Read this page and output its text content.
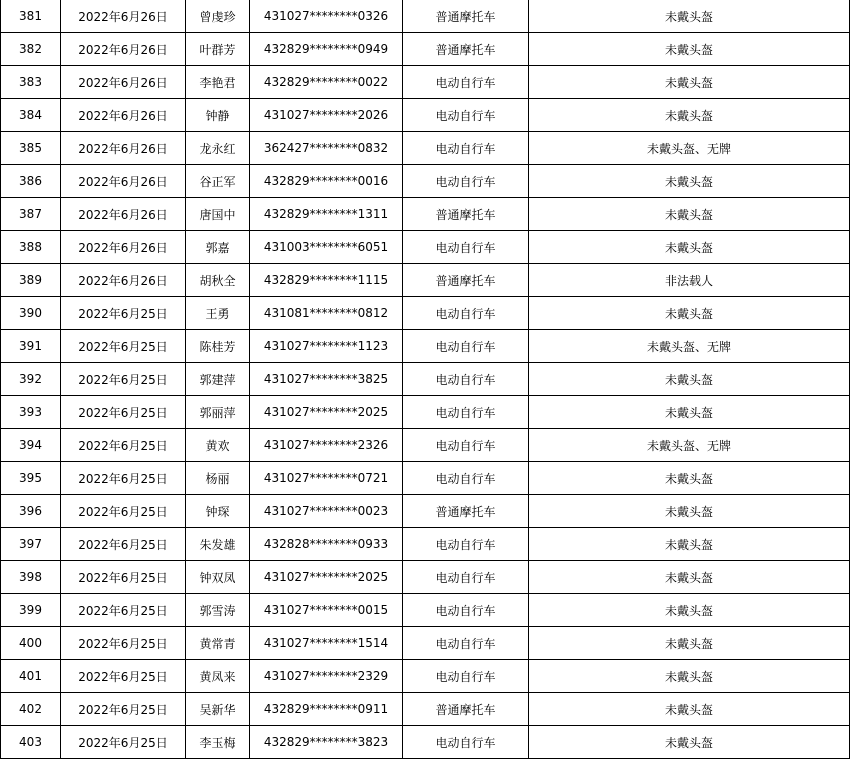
381	2022年6月26日	曾虔珍	431027********0326	普通摩托车	未戴头盔
382	2022年6月26日	叶群芳	432829********0949	普通摩托车	未戴头盔
383	2022年6月26日	李艳君	432829********0022	电动自行车	未戴头盔
384	2022年6月26日	钟静	431027********2026	电动自行车	未戴头盔
385	2022年6月26日	龙永红	362427********0832	电动自行车	未戴头盔、无牌
386	2022年6月26日	谷正军	432829********0016	电动自行车	未戴头盔
387	2022年6月26日	唐国中	432829********1311	普通摩托车	未戴头盔
388	2022年6月26日	郭嘉	431003********6051	电动自行车	未戴头盔
389	2022年6月26日	胡秋全	432829********1115	普通摩托车	非法载人
390	2022年6月25日	王勇	431081********0812	电动自行车	未戴头盔
391	2022年6月25日	陈桂芳	431027********1123	电动自行车	未戴头盔、无牌
392	2022年6月25日	郭建萍	431027********3825	电动自行车	未戴头盔
393	2022年6月25日	郭丽萍	431027********2025	电动自行车	未戴头盔
394	2022年6月25日	黄欢	431027********2326	电动自行车	未戴头盔、无牌
395	2022年6月25日	杨丽	431027********0721	电动自行车	未戴头盔
396	2022年6月25日	钟琛	431027********0023	普通摩托车	未戴头盔
397	2022年6月25日	朱发雄	432828********0933	电动自行车	未戴头盔
398	2022年6月25日	钟双凤	431027********2025	电动自行车	未戴头盔
399	2022年6月25日	郭雪涛	431027********0015	电动自行车	未戴头盔
400	2022年6月25日	黄常青	431027********1514	电动自行车	未戴头盔
401	2022年6月25日	黄凤来	431027********2329	电动自行车	未戴头盔
402	2022年6月25日	吴新华	432829********0911	普通摩托车	未戴头盔
403	2022年6月25日	李玉梅	432829********3823	电动自行车	未戴头盔
